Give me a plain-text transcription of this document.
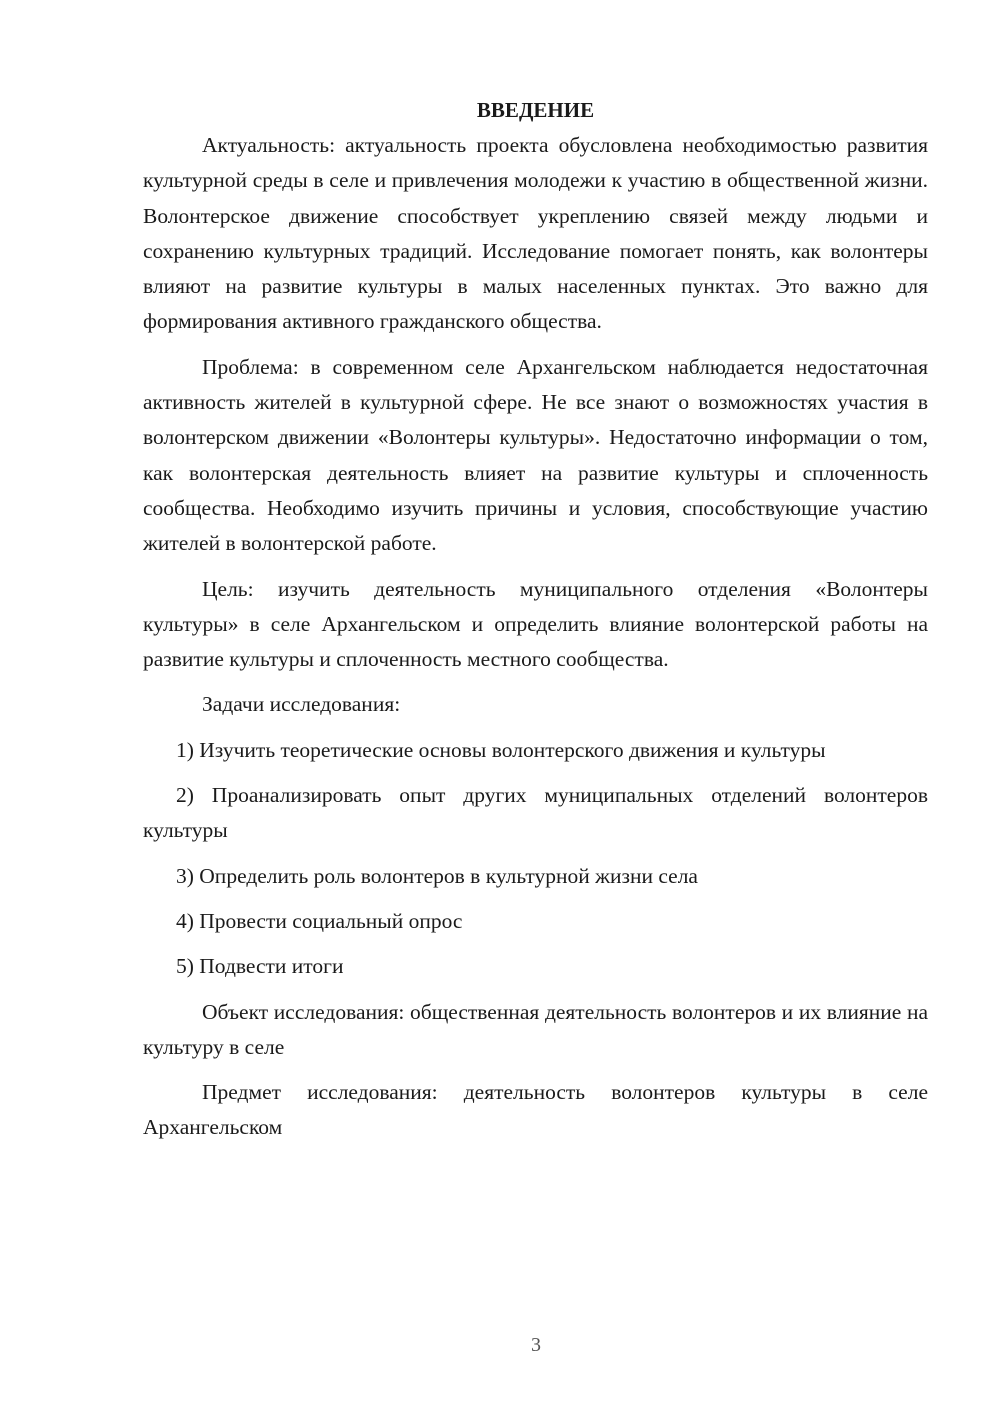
ВВЕДЕНИЕ

Актуальность: актуальность проекта обусловлена необходимостью развития культурной среды в селе и привлечения молодежи к участию в общественной жизни. Волонтерское движение способствует укреплению связей между людьми и сохранению культурных традиций. Исследование помогает понять, как волонтеры влияют на развитие культуры в малых населенных пунктах. Это важно для формирования активного гражданского общества.

Проблема: в современном селе Архангельском наблюдается недостаточная активность жителей в культурной сфере. Не все знают о возможностях участия в волонтерском движении «Волонтеры культуры». Недостаточно информации о том, как волонтерская деятельность влияет на развитие культуры и сплоченность сообщества. Необходимо изучить причины и условия, способствующие участию жителей в волонтерской работе.

Цель: изучить деятельность муниципального отделения «Волонтеры культуры» в селе Архангельском и определить влияние волонтерской работы на развитие культуры и сплоченность местного сообщества.

Задачи исследования:

1) Изучить теоретические основы волонтерского движения и культуры

2) Проанализировать опыт других муниципальных отделений волонтеров культуры

3) Определить роль волонтеров в культурной жизни села

4) Провести социальный опрос

5) Подвести итоги

Объект исследования: общественная деятельность волонтеров и их влияние на культуру в селе

Предмет исследования: деятельность волонтеров культуры в селе Архангельском

3
